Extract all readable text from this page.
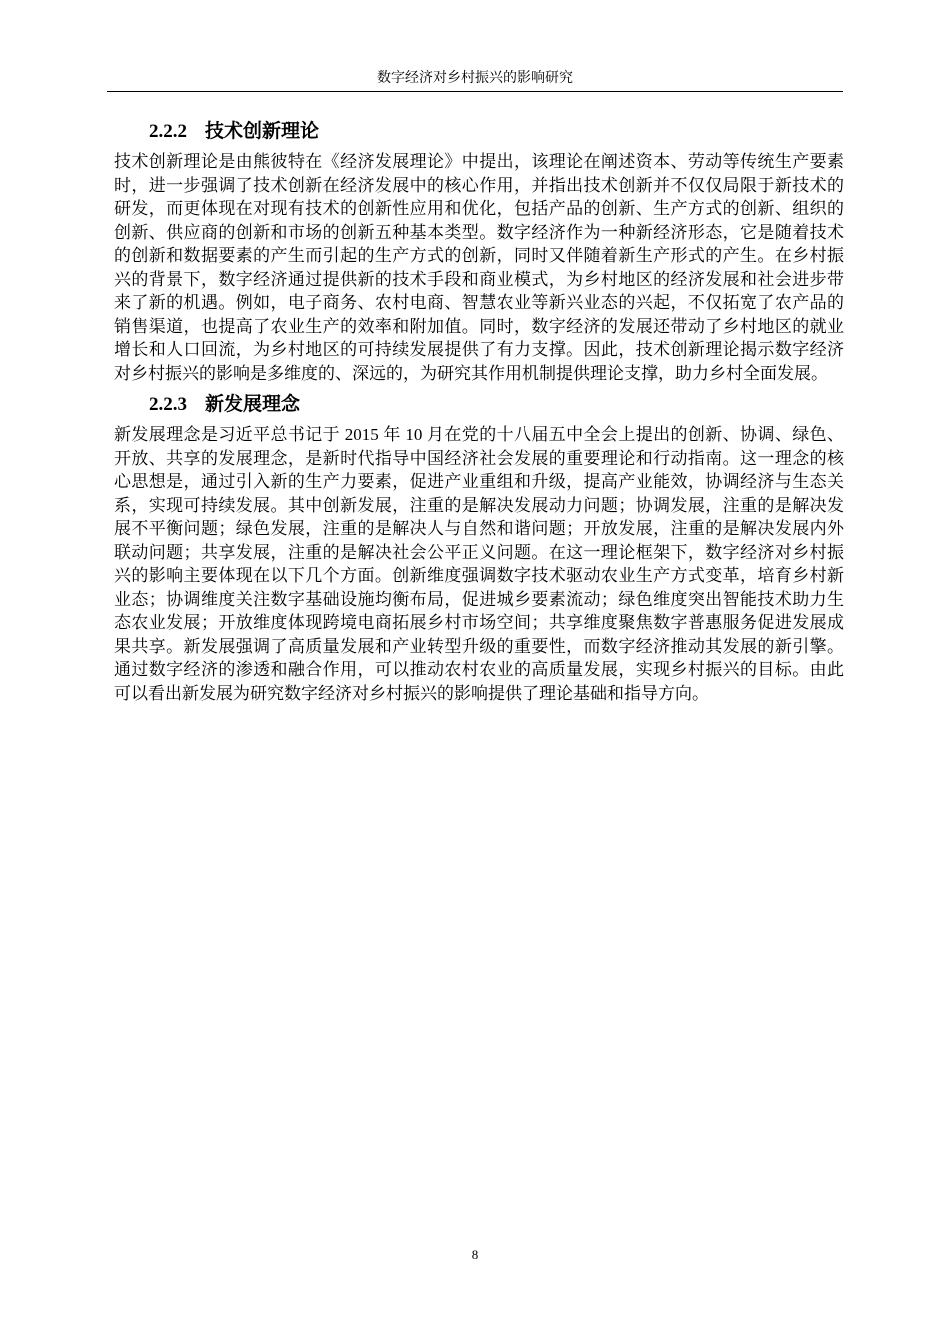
数字经济对乡村振兴的影响研究
2.2.2 技术创新理论

技术创新理论是由熊彼特在《经济发展理论》中提出，该理论在阐述资本、劳动等传统生产要素时，进一步强调了技术创新在经济发展中的核心作用，并指出技术创新并不仅仅局限于新技术的研发，而更体现在对现有技术的创新性应用和优化，包括产品的创新、生产方式的创新、组织的创新、供应商的创新和市场的创新五种基本类型。数字经济作为一种新经济形态，它是随着技术的创新和数据要素的产生而引起的生产方式的创新，同时又伴随着新生产形式的产生。在乡村振兴的背景下，数字经济通过提供新的技术手段和商业模式，为乡村地区的经济发展和社会进步带来了新的机遇。例如，电子商务、农村电商、智慧农业等新兴业态的兴起，不仅拓宽了农产品的销售渠道，也提高了农业生产的效率和附加值。同时，数字经济的发展还带动了乡村地区的就业增长和人口回流，为乡村地区的可持续发展提供了有力支撑。因此，技术创新理论揭示数字经济对乡村振兴的影响是多维度的、深远的，为研究其作用机制提供理论支撑，助力乡村全面发展。

2.2.3 新发展理念

新发展理念是习近平总书记于 2015 年 10 月在党的十八届五中全会上提出的创新、协调、绿色、开放、共享的发展理念，是新时代指导中国经济社会发展的重要理论和行动指南。这一理念的核心思想是，通过引入新的生产力要素，促进产业重组和升级，提高产业能效，协调经济与生态关系，实现可持续发展。其中创新发展，注重的是解决发展动力问题；协调发展，注重的是解决发展不平衡问题；绿色发展，注重的是解决人与自然和谐问题；开放发展，注重的是解决发展内外联动问题；共享发展，注重的是解决社会公平正义问题。在这一理论框架下，数字经济对乡村振兴的影响主要体现在以下几个方面。创新维度强调数字技术驱动农业生产方式变革，培育乡村新业态；协调维度关注数字基础设施均衡布局，促进城乡要素流动；绿色维度突出智能技术助力生态农业发展；开放维度体现跨境电商拓展乡村市场空间；共享维度聚焦数字普惠服务促进发展成果共享。新发展强调了高质量发展和产业转型升级的重要性，而数字经济推动其发展的新引擎。通过数字经济的渗透和融合作用，可以推动农村农业的高质量发展，实现乡村振兴的目标。由此可以看出新发展为研究数字经济对乡村振兴的影响提供了理论基础和指导方向。

8
